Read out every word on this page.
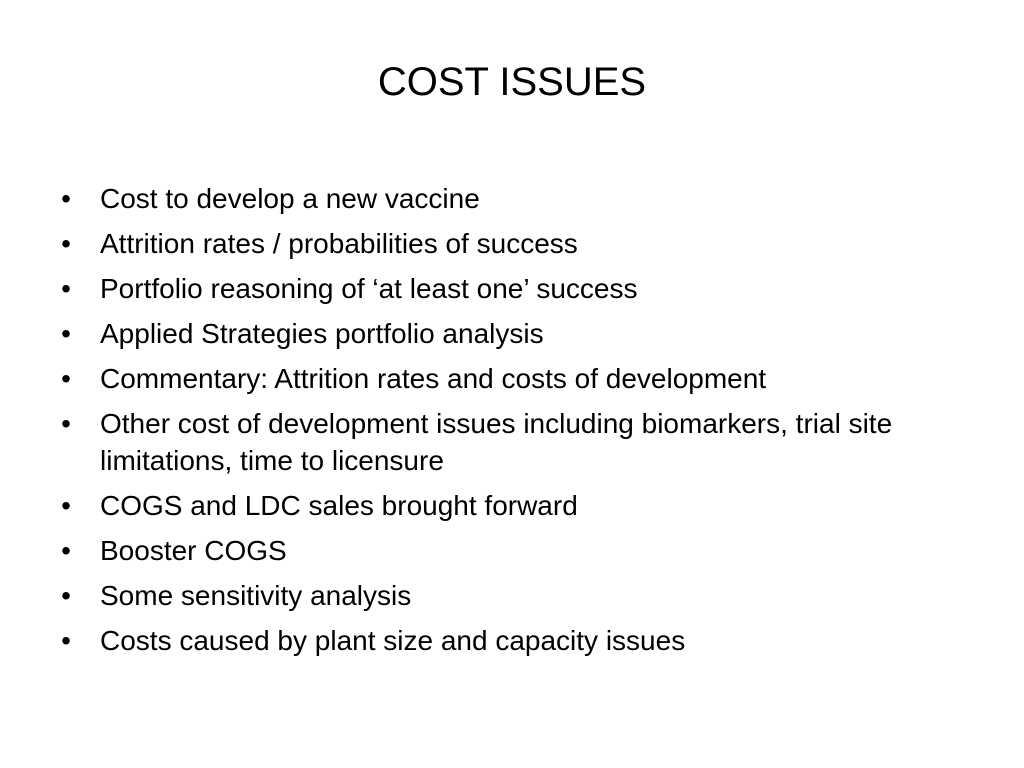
COST ISSUES
• Cost to develop a new vaccine
• Attrition rates / probabilities of success
• Portfolio reasoning of ‘at least one’ success
• Applied Strategies portfolio analysis
• Commentary: Attrition rates and costs of development
• Other cost of development issues including biomarkers, trial site limitations, time to licensure
• COGS and LDC sales brought forward
• Booster COGS
• Some sensitivity analysis
• Costs caused by plant size and capacity issues
